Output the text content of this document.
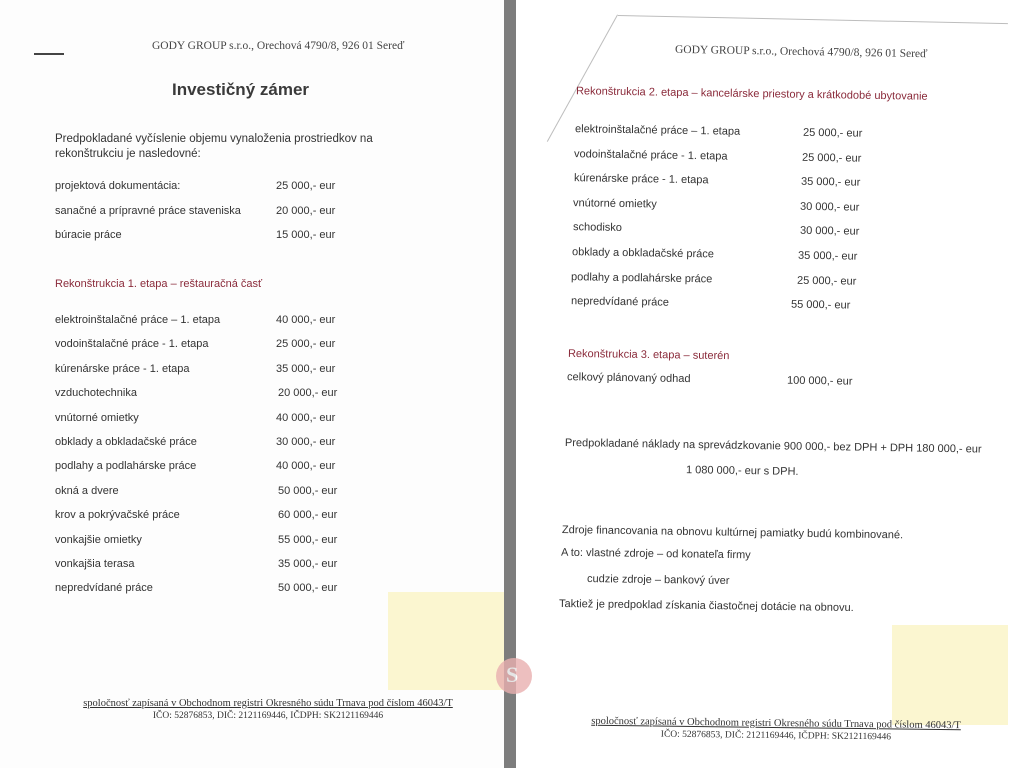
GODY GROUP s.r.o., Orechová 4790/8, 926 01 Sereď
Investičný zámer
Predpokladané vyčíslenie objemu vynaloženia prostriedkov na rekonštrukciu je nasledovné:
projektová dokumentácia:	25 000,- eur
sanačné a prípravné práce staveniska	20 000,- eur
búracie práce	15 000,- eur
Rekonštrukcia 1. etapa – reštauračná časť
elektroinštalačné práce – 1. etapa	40 000,- eur
vodoinštalačné práce - 1. etapa	25 000,- eur
kúrenárske práce - 1. etapa	35 000,- eur
vzduchotechnika	20 000,- eur
vnútorné omietky	40 000,- eur
obklady a obkladačské práce	30 000,- eur
podlahy a podlahárske práce	40 000,- eur
okná a dvere	50 000,- eur
krov a pokrývačské práce	60 000,- eur
vonkajšie omietky	55 000,- eur
vonkajšia terasa	35 000,- eur
nepredvídané práce	50 000,- eur
spoločnosť zapísaná v Obchodnom registri Okresného súdu Trnava pod číslom 46043/T
IČO: 52876853, DIČ: 2121169446, IČDPH: SK2121169446
GODY GROUP s.r.o., Orechová 4790/8, 926 01 Sereď
Rekonštrukcia 2. etapa – kancelárske priestory a krátkodobé ubytovanie
elektroinštalačné práce – 1. etapa	25 000,- eur
vodoinštalačné práce - 1. etapa	25 000,- eur
kúrenárske práce - 1. etapa	35 000,- eur
vnútorné omietky	30 000,- eur
schodisko	30 000,- eur
obklady a obkladačské práce	35 000,- eur
podlahy a podlahárske práce	25 000,- eur
nepredvídané práce	55 000,- eur
Rekonštrukcia 3. etapa – suterén
celkový plánovaný odhad	100 000,- eur
Predpokladané náklady na sprevádzkovanie 900 000,- bez DPH + DPH 180 000,- eur
1 080 000,- eur s DPH.
Zdroje financovania na obnovu kultúrnej pamiatky budú kombinované.
A to: vlastné zdroje – od konateľa firmy
cudzie zdroje – bankový úver
Taktiež je predpoklad získania čiastočnej dotácie na obnovu.
spoločnosť zapísaná v Obchodnom registri Okresného súdu Trnava pod číslom 46043/T
IČO: 52876853, DIČ: 2121169446, IČDPH: SK2121169446
S
